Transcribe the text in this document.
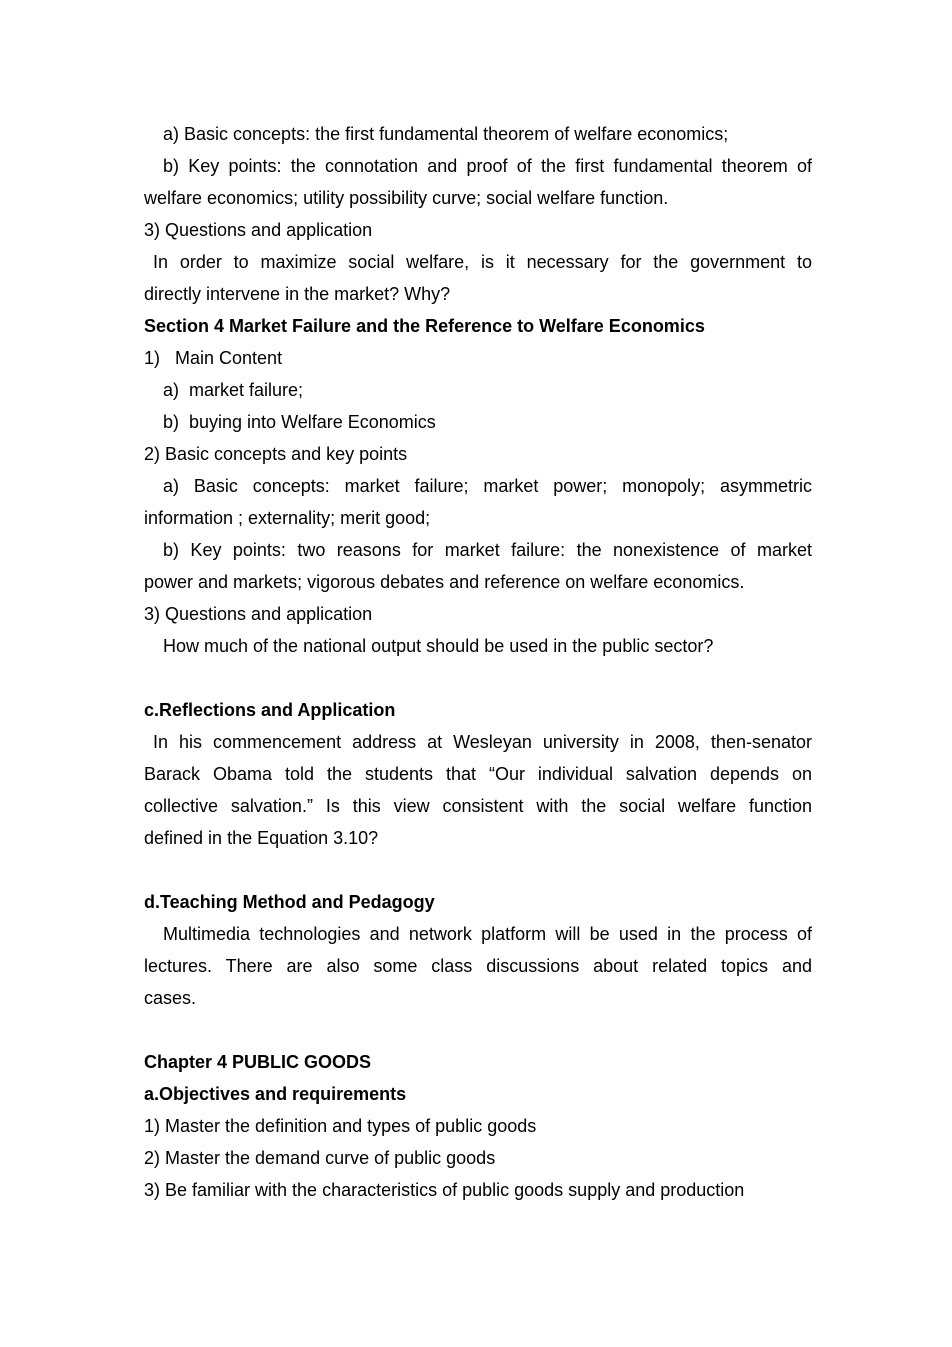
a) Basic concepts: the first fundamental theorem of welfare economics;
b) Key points: the connotation and proof of the first fundamental theorem of
welfare economics; utility possibility curve; social welfare function.
3) Questions and application
In order to maximize social welfare, is it necessary for the government to
directly intervene in the market? Why?
Section 4 Market Failure and the Reference to Welfare Economics
1)   Main Content
a)  market failure;
b)  buying into Welfare Economics
2) Basic concepts and key points
a) Basic concepts: market failure; market power; monopoly; asymmetric
information ; externality; merit good;
b) Key points: two reasons for market failure: the nonexistence of market
power and markets; vigorous debates and reference on welfare economics.
3) Questions and application
How much of the national output should be used in the public sector?
c.Reflections and Application
In his commencement address at Wesleyan university in 2008, then-senator
Barack Obama told the students that “Our individual salvation depends on
collective salvation.” Is this view consistent with the social welfare function
defined in the Equation 3.10?
d.Teaching Method and Pedagogy
Multimedia technologies and network platform will be used in the process of
lectures. There are also some class discussions about related topics and
cases.
Chapter 4 PUBLIC GOODS
a.Objectives and requirements
1) Master the definition and types of public goods
2) Master the demand curve of public goods
3) Be familiar with the characteristics of public goods supply and production
